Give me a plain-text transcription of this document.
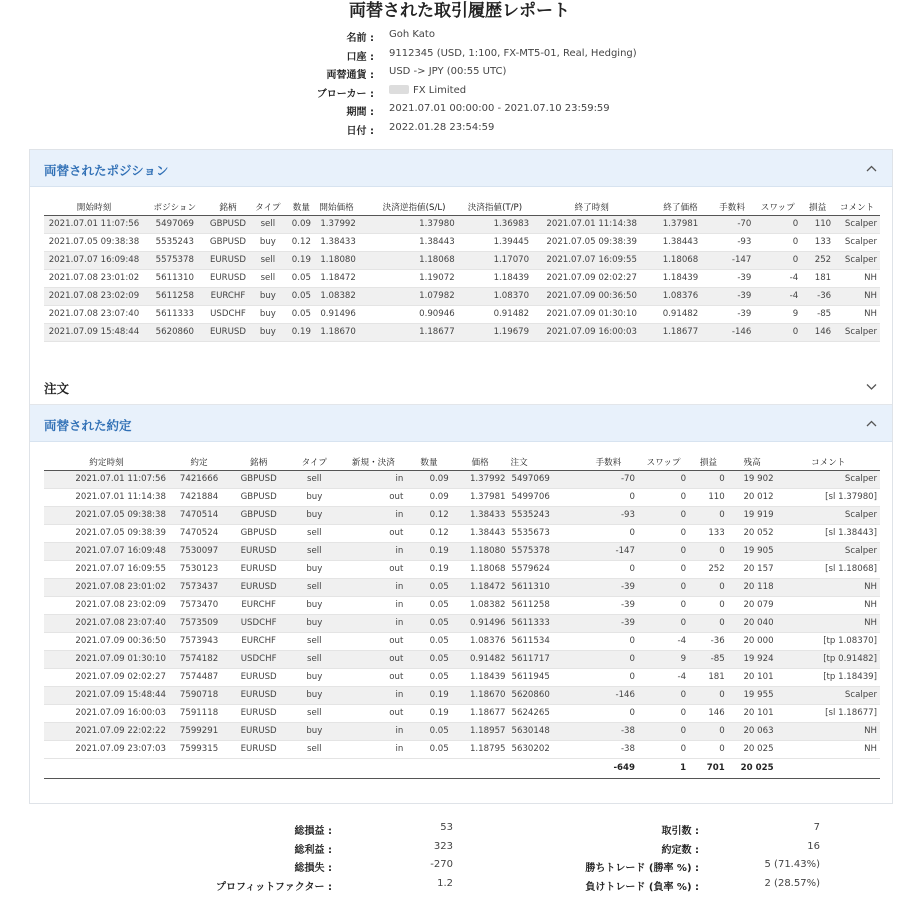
両替された取引履歴レポート
名前 : Goh Kato
口座 : 9112345 (USD, 1:100, FX-MT5-01, Real, Hedging)
両替通貨 : USD -> JPY (00:55 UTC)
ブローカー :	FX Limited
期間 : 2021.07.01 00:00:00 - 2021.07.10 23:59:59
日付 : 2022.01.28 23:54:59
両替されたポジション
開始時刻	ポジション	銘柄	タイプ	数量	開始価格	決済逆指値(S/L)	決済指値(T/P)	終了時刻	終了価格	手数料	スワップ	損益	コメント
2021.07.01 11:07:56	5497069	GBPUSD	sell	0.09	1.37992	1.37980	1.36983	2021.07.01 11:14:38	1.37981	-70	0	110	Scalper
2021.07.05 09:38:38	5535243	GBPUSD	buy	0.12	1.38433	1.38443	1.39445	2021.07.05 09:38:39	1.38443	-93	0	133	Scalper
2021.07.07 16:09:48	5575378	EURUSD	sell	0.19	1.18080	1.18068	1.17070	2021.07.07 16:09:55	1.18068	-147	0	252	Scalper
2021.07.08 23:01:02	5611310	EURUSD	sell	0.05	1.18472	1.19072	1.18439	2021.07.09 02:02:27	1.18439	-39	-4	181	NH
2021.07.08 23:02:09	5611258	EURCHF	buy	0.05	1.08382	1.07982	1.08370	2021.07.09 00:36:50	1.08376	-39	-4	-36	NH
2021.07.08 23:07:40	5611333	USDCHF	buy	0.05	0.91496	0.90946	0.91482	2021.07.09 01:30:10	0.91482	-39	9	-85	NH
2021.07.09 15:48:44	5620860	EURUSD	buy	0.19	1.18670	1.18677	1.19679	2021.07.09 16:00:03	1.18677	-146	0	146	Scalper
注文
両替された約定
約定時刻	約定	銘柄	タイプ	新規・決済	数量	価格	注文	手数料	スワップ	損益	残高	コメント
2021.07.01 11:07:56	7421666	GBPUSD	sell	in	0.09	1.37992	5497069	-70	0	0	19 902	Scalper
2021.07.01 11:14:38	7421884	GBPUSD	buy	out	0.09	1.37981	5499706	0	0	110	20 012	[sl 1.37980]
2021.07.05 09:38:38	7470514	GBPUSD	buy	in	0.12	1.38433	5535243	-93	0	0	19 919	Scalper
2021.07.05 09:38:39	7470524	GBPUSD	sell	out	0.12	1.38443	5535673	0	0	133	20 052	[sl 1.38443]
2021.07.07 16:09:48	7530097	EURUSD	sell	in	0.19	1.18080	5575378	-147	0	0	19 905	Scalper
2021.07.07 16:09:55	7530123	EURUSD	buy	out	0.19	1.18068	5579624	0	0	252	20 157	[sl 1.18068]
2021.07.08 23:01:02	7573437	EURUSD	sell	in	0.05	1.18472	5611310	-39	0	0	20 118	NH
2021.07.08 23:02:09	7573470	EURCHF	buy	in	0.05	1.08382	5611258	-39	0	0	20 079	NH
2021.07.08 23:07:40	7573509	USDCHF	buy	in	0.05	0.91496	5611333	-39	0	0	20 040	NH
2021.07.09 00:36:50	7573943	EURCHF	sell	out	0.05	1.08376	5611534	0	-4	-36	20 000	[tp 1.08370]
2021.07.09 01:30:10	7574182	USDCHF	sell	out	0.05	0.91482	5611717	0	9	-85	19 924	[tp 0.91482]
2021.07.09 02:02:27	7574487	EURUSD	buy	out	0.05	1.18439	5611945	0	-4	181	20 101	[tp 1.18439]
2021.07.09 15:48:44	7590718	EURUSD	buy	in	0.19	1.18670	5620860	-146	0	0	19 955	Scalper
2021.07.09 16:00:03	7591118	EURUSD	sell	out	0.19	1.18677	5624265	0	0	146	20 101	[sl 1.18677]
2021.07.09 22:02:22	7599291	EURUSD	buy	in	0.05	1.18957	5630148	-38	0	0	20 063	NH
2021.07.09 23:07:03	7599315	EURUSD	sell	in	0.05	1.18795	5630202	-38	0	0	20 025	NH
								-649	1	701	20 025	
総損益 :	53
総利益 :	323
総損失 :	-270
プロフィットファクター :	1.2
取引数 :	7
約定数 :	16
勝ちトレード (勝率 %) :	5 (71.43%)
負けトレード (負率 %) :	2 (28.57%)
